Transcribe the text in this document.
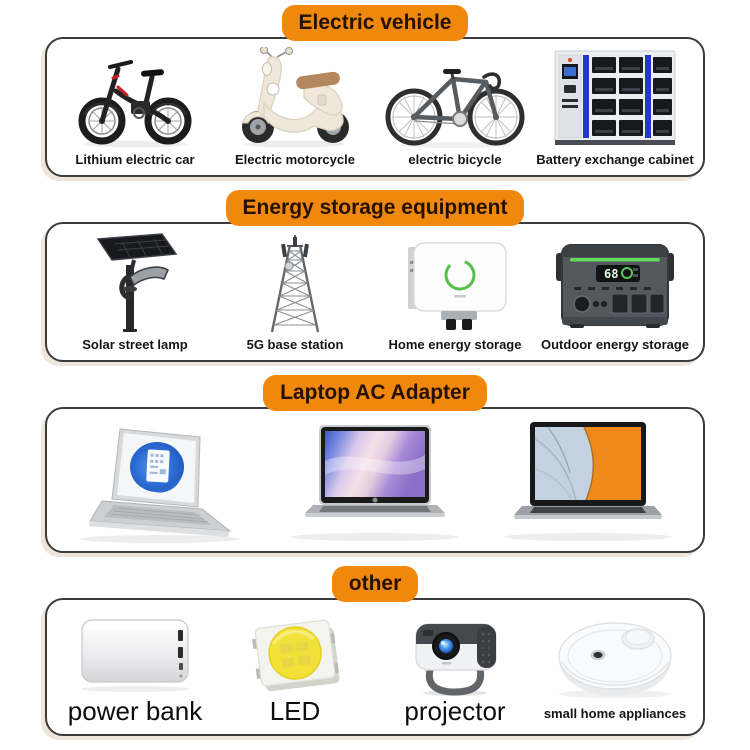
Electric vehicle
Lithium electric car	Electric motorcycle	electric bicycle	Battery exchange cabinet
Energy storage equipment
Solar street lamp	5G base station	Home energy storage
68
Outdoor energy storage
Laptop AC Adapter
other
power bank	LED	projector	small home appliances
